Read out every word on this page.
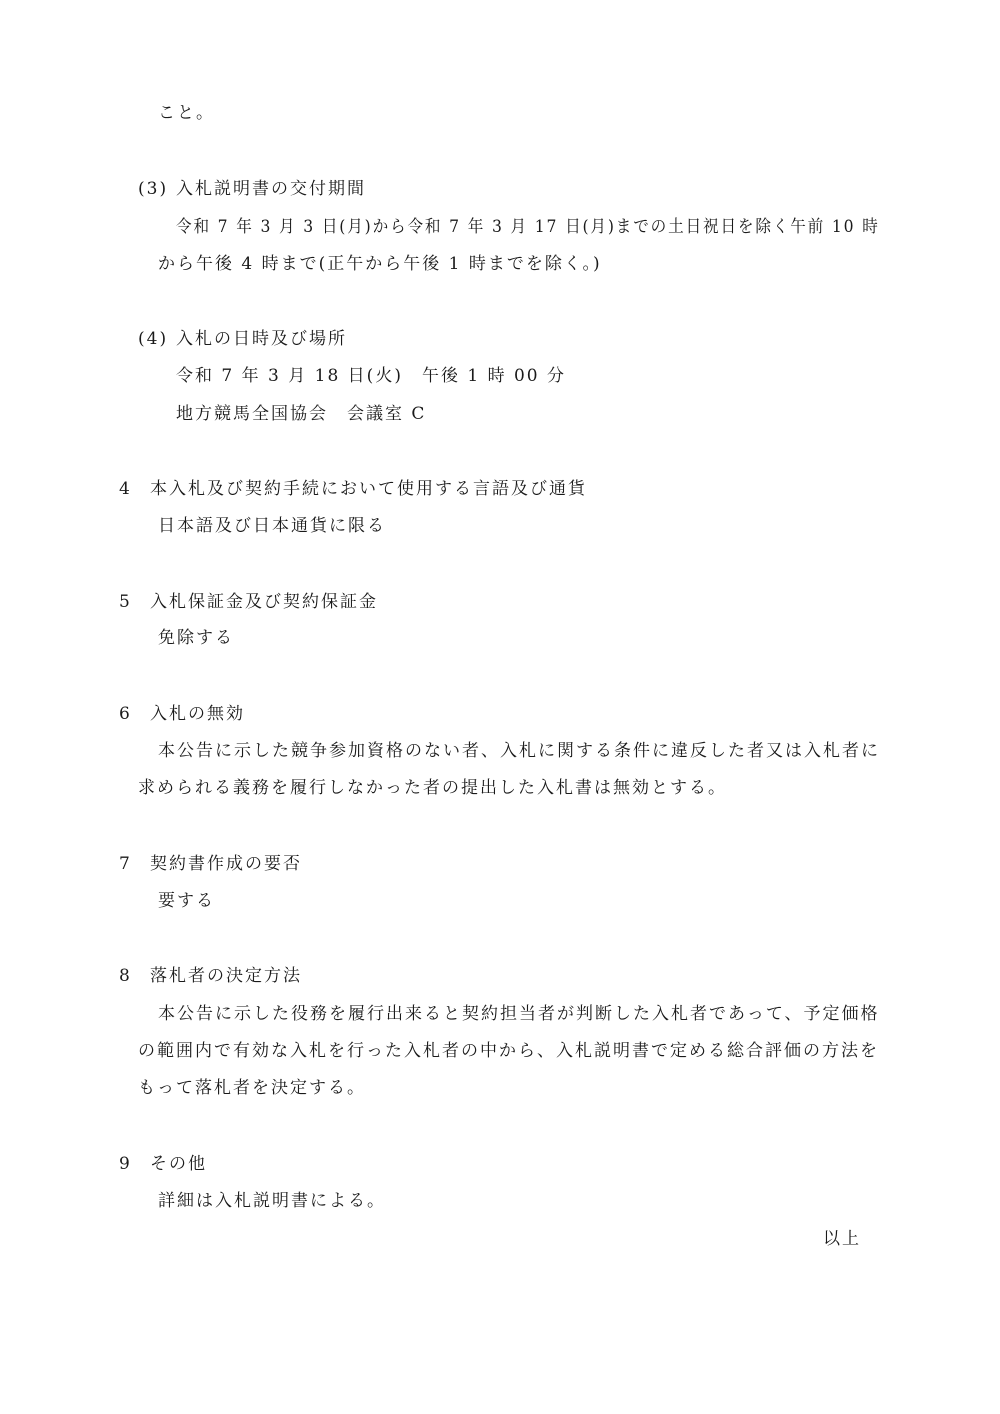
こと。
(3) 入札説明書の交付期間
令和 7 年 3 月 3 日(月)から令和 7 年 3 月 17 日(月)までの土日祝日を除く午前 10 時
から午後 4 時まで(正午から午後 1 時までを除く。)
(4) 入札の日時及び場所
令和 7 年 3 月 18 日(火)　午後 1 時 00 分
地方競馬全国協会　会議室 C
4 本入札及び契約手続において使用する言語及び通貨
日本語及び日本通貨に限る
5 入札保証金及び契約保証金
免除する
6 入札の無効
本公告に示した競争参加資格のない者、入札に関する条件に違反した者又は入札者に
求められる義務を履行しなかった者の提出した入札書は無効とする。
7 契約書作成の要否
要する
8 落札者の決定方法
本公告に示した役務を履行出来ると契約担当者が判断した入札者であって、予定価格
の範囲内で有効な入札を行った入札者の中から、入札説明書で定める総合評価の方法を
もって落札者を決定する。
9 その他
詳細は入札説明書による。
以上
